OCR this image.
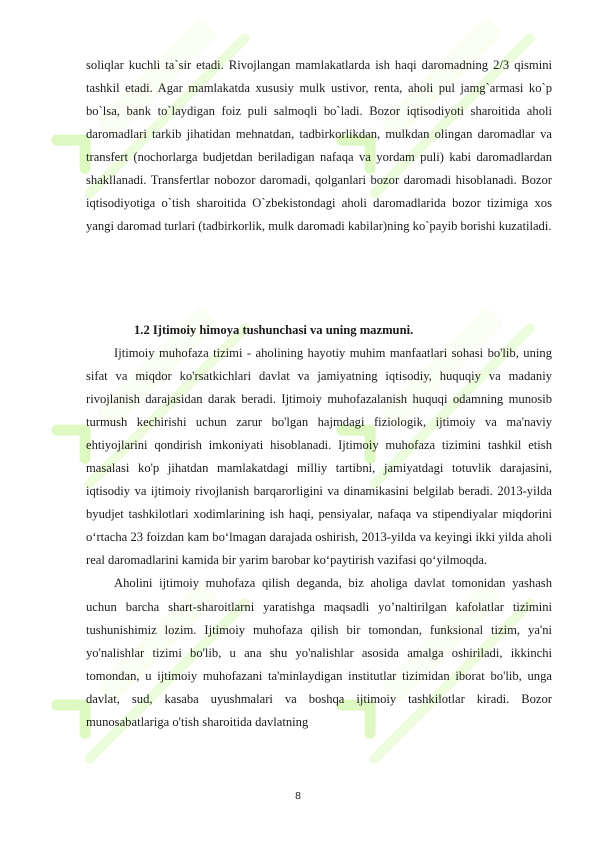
soliqlar kuchli ta`sir etadi. Rivojlangan mamlakatlarda ish haqi daromadning 2/3 qismini tashkil etadi. Agar mamlakatda xususiy mulk ustivor, renta, aholi pul jamg`armasi ko`p bo`lsa, bank to`laydigan foiz puli salmoqli bo`ladi. Bozor iqtisodiyoti sharoitida aholi daromadlari tarkib jihatidan mehnatdan, tadbirkorlikdan, mulkdan olingan daromadlar va transfert (nochorlarga budjetdan beriladigan nafaqa va yordam puli) kabi daromadlardan shakllanadi. Transfertlar nobozor daromadi, qolganlari bozor daromadi hisoblanadi. Bozor iqtisodiyotiga o`tish sharoitida O`zbekistondagi aholi daromadlarida bozor tizimiga xos yangi daromad turlari (tadbirkorlik, mulk daromadi kabilar)ning ko`payib borishi kuzatiladi.

1.2 Ijtimoiy himoya tushunchasi va uning mazmuni.

Ijtimoiy muhofaza tizimi - aholining hayotiy muhim manfaatlari sohasi bo'lib, uning sifat va miqdor ko'rsatkichlari davlat va jamiyatning iqtisodiy, huquqiy va madaniy rivojlanish darajasidan darak beradi. Ijtimoiy muhofazalanish huquqi odamning munosib turmush kechirishi uchun zarur bo'lgan hajmdagi fiziologik, ijtimoiy va ma'naviy ehtiyojlarini qondirish imkoniyati hisoblanadi. Ijtimoiy muhofaza tizimini tashkil etish masalasi ko'p jihatdan mamlakatdagi milliy tartibni, jamiyatdagi totuvlik darajasini, iqtisodiy va ijtimoiy rivojlanish barqarorligini va dinamikasini belgilab beradi. 2013-yilda byudjet tashkilotlari xodimlarining ish haqi, pensiyalar, nafaqa va stipendiyalar miqdorini o‘rtacha 23 foizdan kam bo‘lmagan darajada oshirish, 2013-yilda va keyingi ikki yilda aholi real daromadlarini kamida bir yarim barobar ko‘paytirish vazifasi qo‘yilmoqda.

Aholini ijtimoiy muhofaza qilish deganda, biz aholiga davlat tomonidan yashash uchun barcha shart-sharoitlarni yaratishga maqsadli yo’naltirilgan kafolatlar tizimini tushunishimiz lozim. Ijtimoiy muhofaza qilish bir tomondan, funksional tizim, ya'ni yo'nalishlar tizimi bo'lib, u ana shu yo'nalishlar asosida amalga oshiriladi, ikkinchi tomondan, u ijtimoiy muhofazani ta'minlaydigan institutlar tizimidan iborat bo'lib, unga davlat, sud, kasaba uyushmalari va boshqa ijtimoiy tashkilotlar kiradi. Bozor munosabatlariga o'tish sharoitida davlatning

8
